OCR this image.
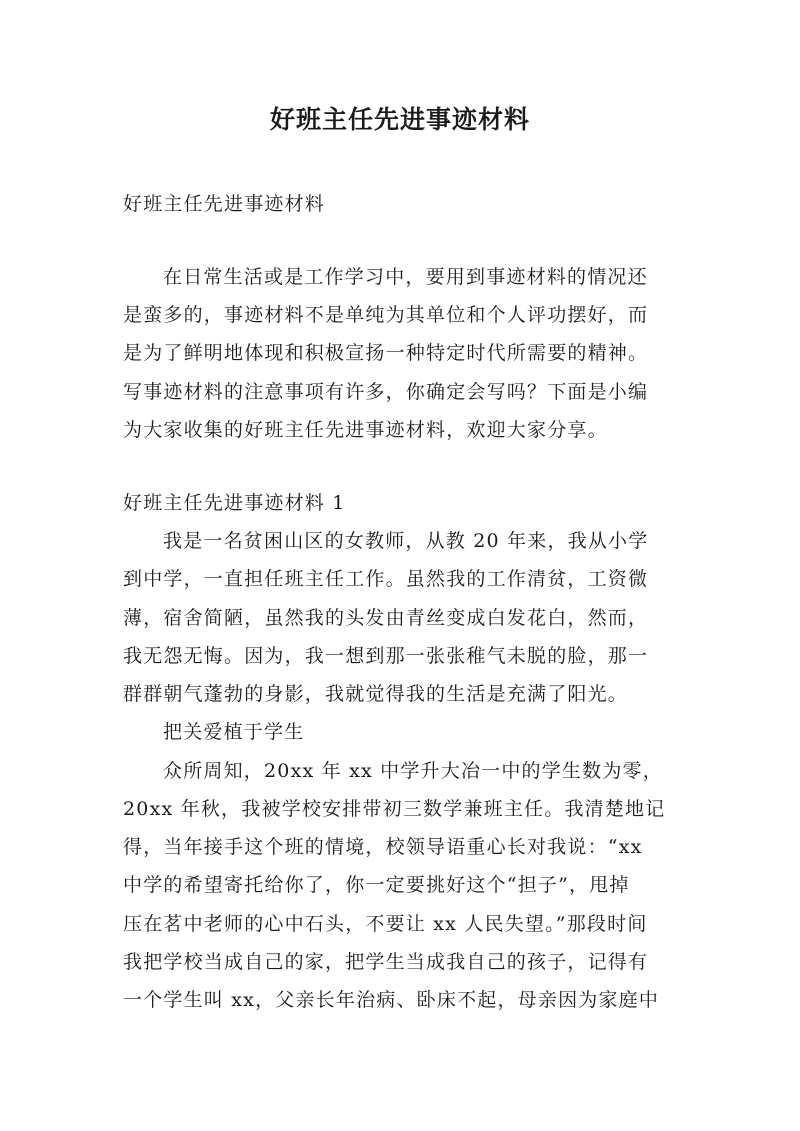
好班主任先进事迹材料

好班主任先进事迹材料

在日常生活或是工作学习中，要用到事迹材料的情况还

是蛮多的，事迹材料不是单纯为其单位和个人评功摆好，而

是为了鲜明地体现和积极宣扬一种特定时代所需要的精神。

写事迹材料的注意事项有许多，你确定会写吗？下面是小编

为大家收集的好班主任先进事迹材料，欢迎大家分享。

好班主任先进事迹材料 1

我是一名贫困山区的女教师，从教 20 年来，我从小学

到中学，一直担任班主任工作。虽然我的工作清贫，工资微

薄，宿舍简陋，虽然我的头发由青丝变成白发花白，然而，

我无怨无悔。因为，我一想到那一张张稚气未脱的脸，那一

群群朝气蓬勃的身影，我就觉得我的生活是充满了阳光。

把关爱植于学生

众所周知，20xx 年 xx 中学升大冶一中的学生数为零，

20xx 年秋，我被学校安排带初三数学兼班主任。我清楚地记

得，当年接手这个班的情境，校领导语重心长对我说：“xx

中学的希望寄托给你了，你一定要挑好这个“担子”，甩掉

压在茗中老师的心中石头，不要让 xx 人民失望。”那段时间

我把学校当成自己的家，把学生当成我自己的孩子，记得有

一个学生叫 xx，父亲长年治病、卧床不起，母亲因为家庭中
